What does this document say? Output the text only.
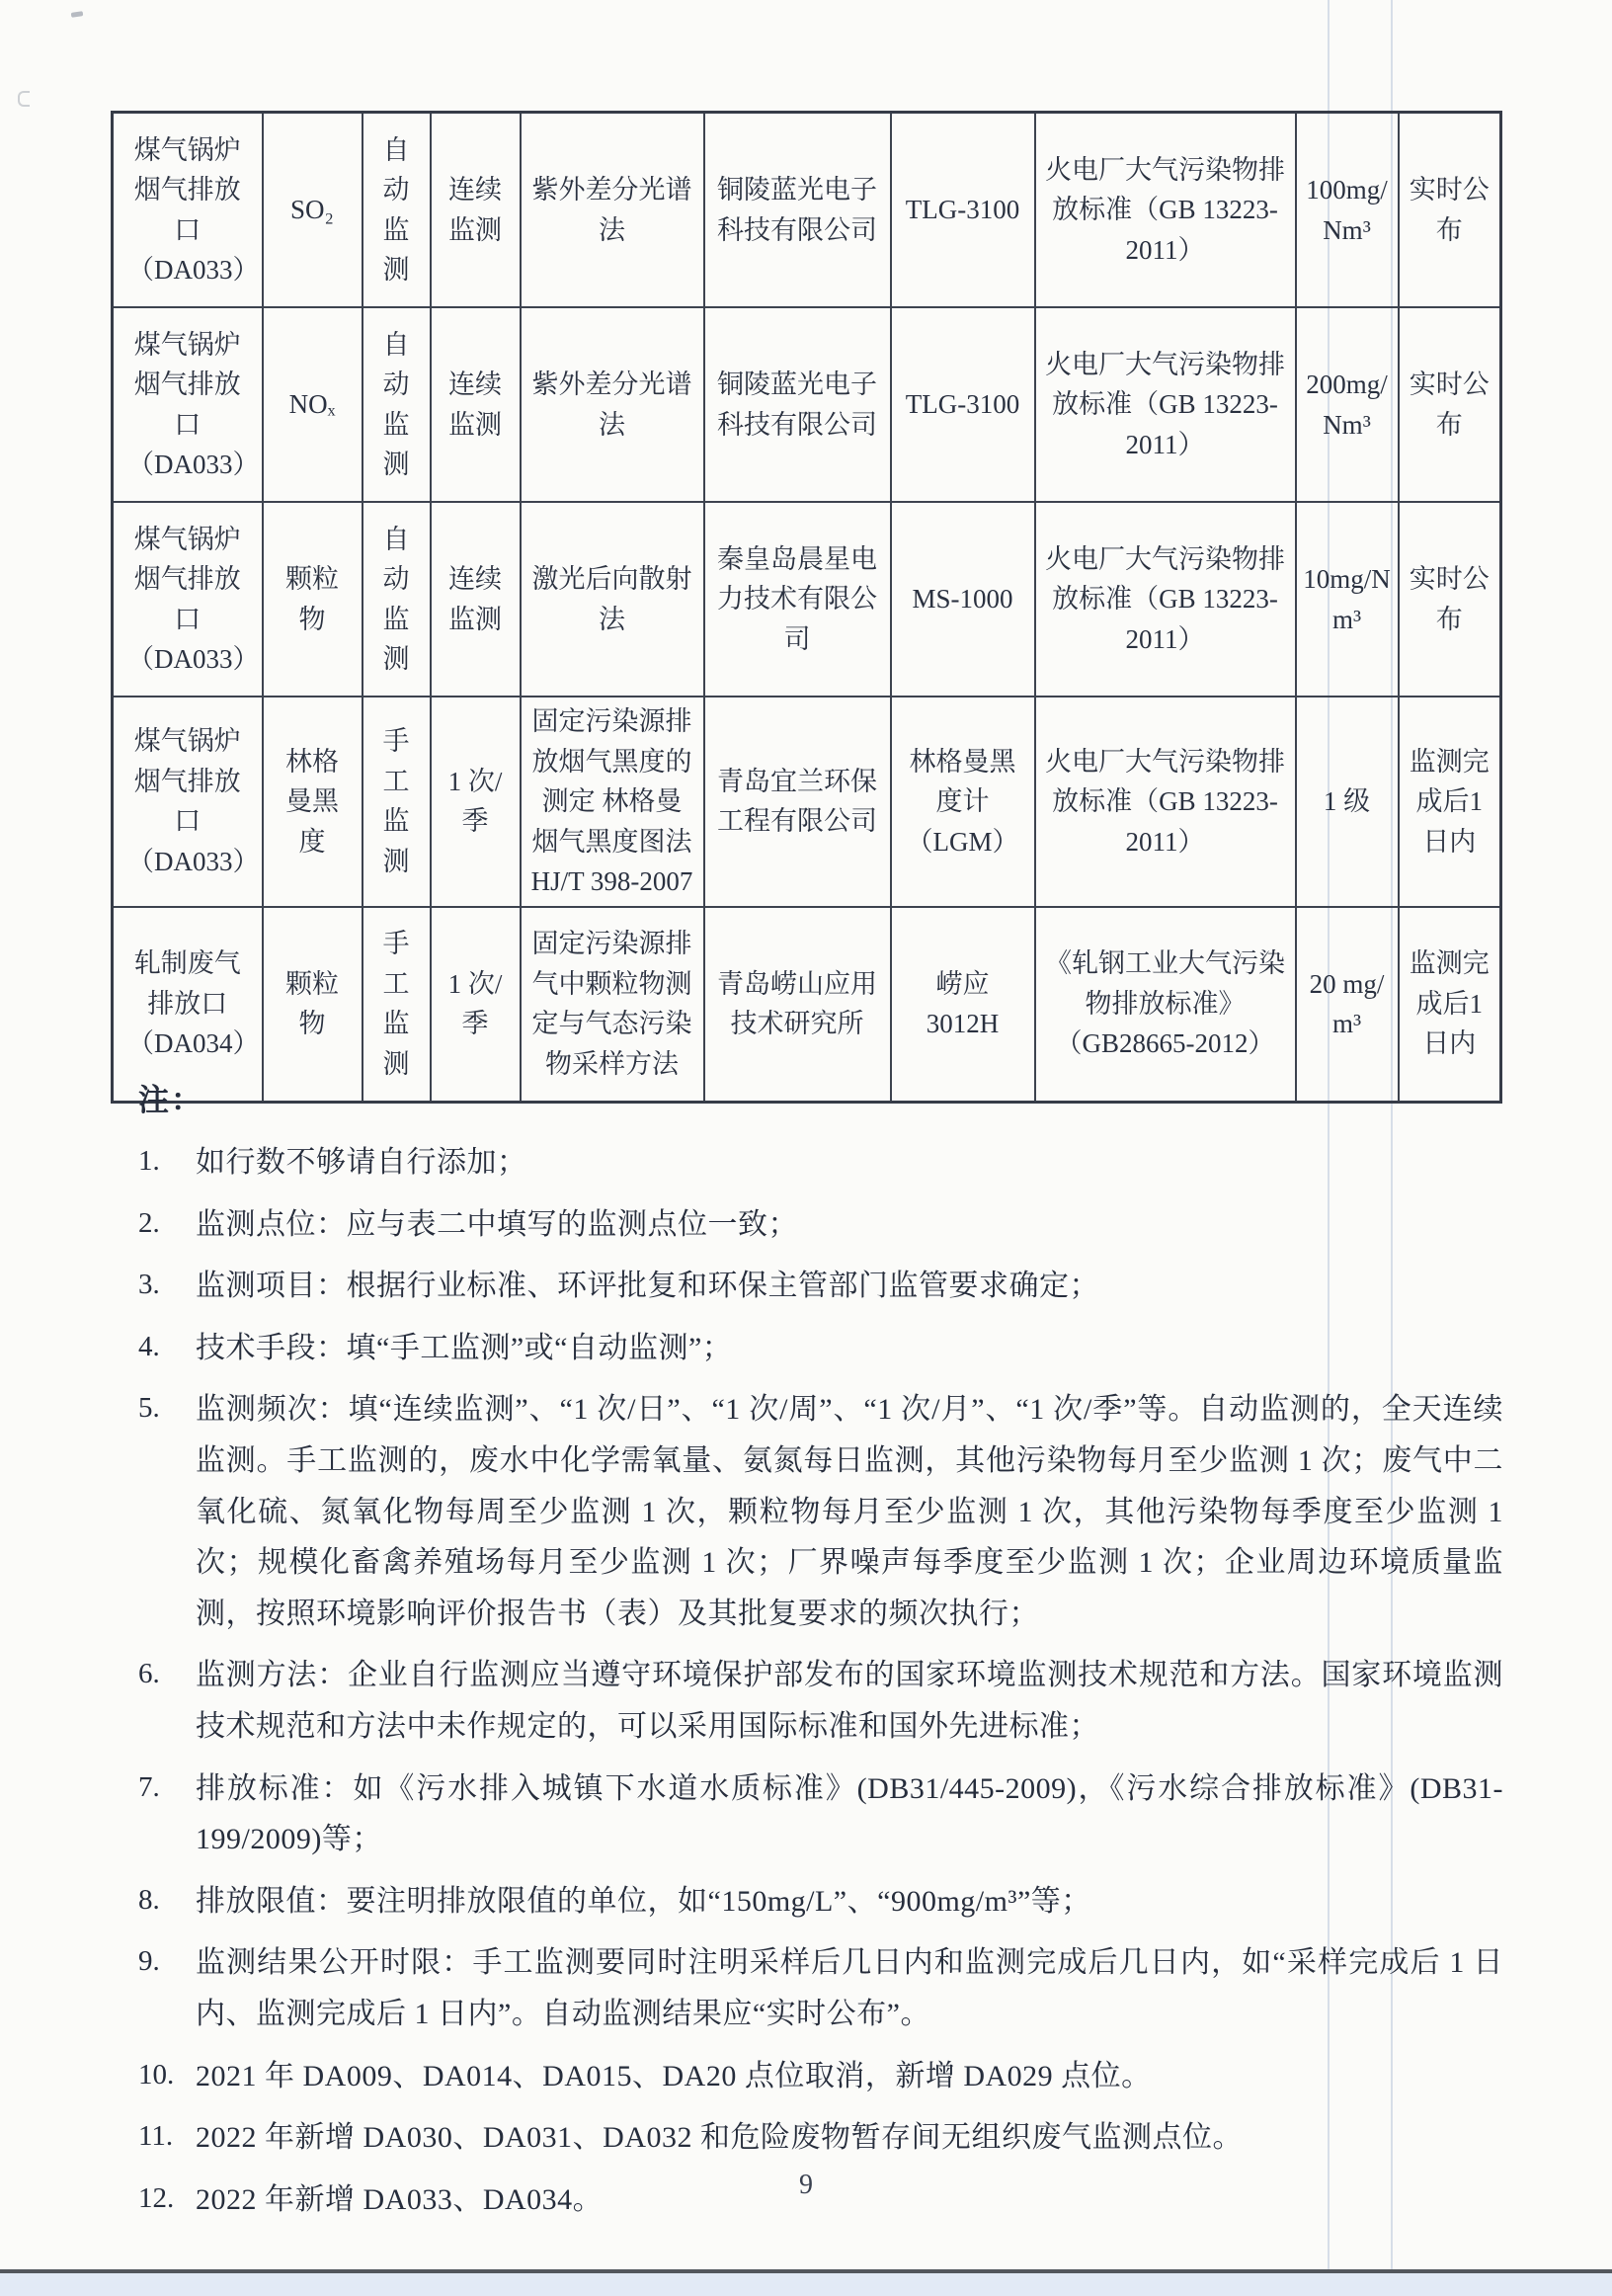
煤气锅炉烟气排放口（DA033）	SO₂	自动监测	连续监测	紫外差分光谱法	铜陵蓝光电子科技有限公司	TLG-3100	火电厂大气污染物排放标准（GB 13223-2011）	100mg/Nm³	实时公布
煤气锅炉烟气排放口（DA033）	NOₓ	自动监测	连续监测	紫外差分光谱法	铜陵蓝光电子科技有限公司	TLG-3100	火电厂大气污染物排放标准（GB 13223-2011）	200mg/Nm³	实时公布
煤气锅炉烟气排放口（DA033）	颗粒物	自动监测	连续监测	激光后向散射法	秦皇岛晨星电力技术有限公司	MS-1000	火电厂大气污染物排放标准（GB 13223-2011）	10mg/Nm³	实时公布
煤气锅炉烟气排放口（DA033）	林格曼黑度	手工监测	1 次/季	固定污染源排放烟气黑度的测定 林格曼烟气黑度图法 HJ/T 398-2007	青岛宜兰环保工程有限公司	林格曼黑度计（LGM）	火电厂大气污染物排放标准（GB 13223-2011）	1 级	监测完成后1日内
轧制废气排放口（DA034）	颗粒物	手工监测	1 次/季	固定污染源排气中颗粒物测定与气态污染物采样方法	青岛崂山应用技术研究所	崂应 3012H	《轧钢工业大气污染物排放标准》（GB28665-2012）	20 mg/m³	监测完成后1日内
注：
1.	如行数不够请自行添加；
2.	监测点位：应与表二中填写的监测点位一致；
3.	监测项目：根据行业标准、环评批复和环保主管部门监管要求确定；
4.	技术手段：填“手工监测”或“自动监测”；
5.	监测频次：填“连续监测”、“1 次/日”、“1 次/周”、“1 次/月”、“1 次/季”等。自动监测的，全天连续监测。手工监测的，废水中化学需氧量、氨氮每日监测，其他污染物每月至少监测 1 次；废气中二氧化硫、氮氧化物每周至少监测 1 次，颗粒物每月至少监测 1 次，其他污染物每季度至少监测 1 次；规模化畜禽养殖场每月至少监测 1 次；厂界噪声每季度至少监测 1 次；企业周边环境质量监测，按照环境影响评价报告书（表）及其批复要求的频次执行；
6.	监测方法：企业自行监测应当遵守环境保护部发布的国家环境监测技术规范和方法。国家环境监测技术规范和方法中未作规定的，可以采用国际标准和国外先进标准；
7.	排放标准：如《污水排入城镇下水道水质标准》(DB31/445-2009)，《污水综合排放标准》(DB31-199/2009)等；
8.	排放限值：要注明排放限值的单位，如“150mg/L”、“900mg/m³”等；
9.	监测结果公开时限：手工监测要同时注明采样后几日内和监测完成后几日内，如“采样完成后 1 日内、监测完成后 1 日内”。自动监测结果应“实时公布”。
10. 2021 年 DA009、DA014、DA015、DA20 点位取消，新增 DA029 点位。
11. 2022 年新增 DA030、DA031、DA032 和危险废物暂存间无组织废气监测点位。
12. 2022 年新增 DA033、DA034。	9
